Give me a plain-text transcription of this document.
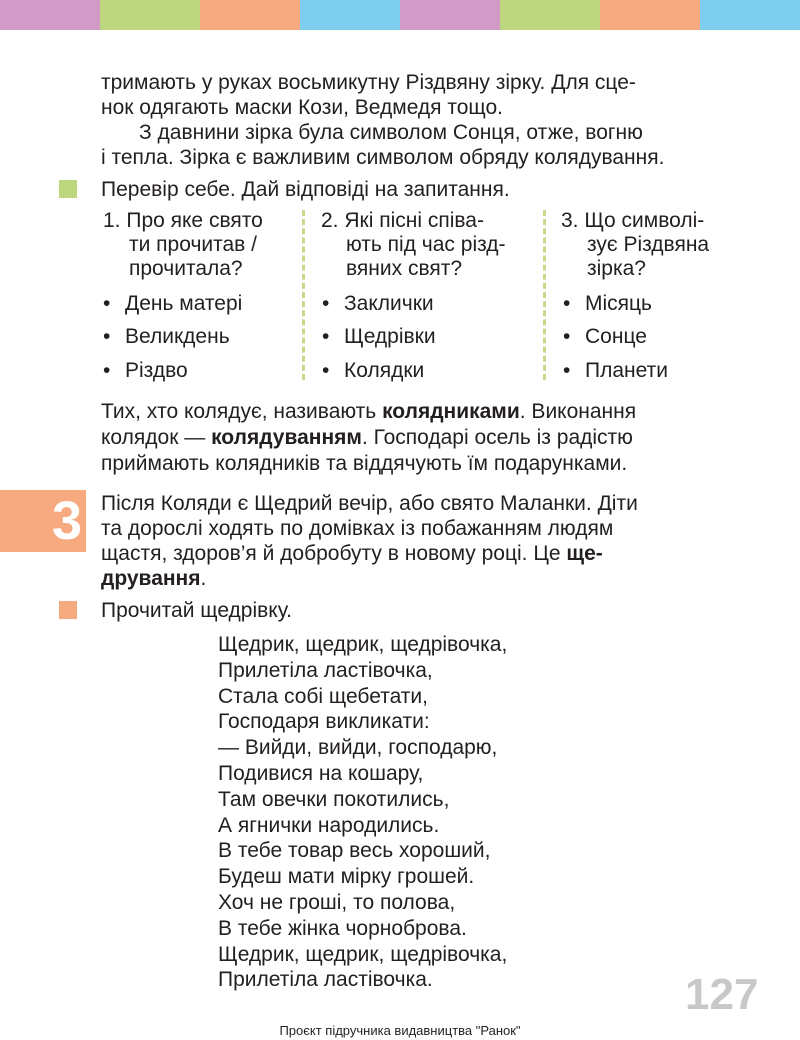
тримають у руках восьмикутну Різдвяну зірку. Для сце-
нок одягають маски Кози, Ведмедя тощо.
З давнини зірка була символом Сонця, отже, вогню
і тепла. Зірка є важливим символом обряду колядування.
Перевір себе. Дай відповіді на запитання.
1. Про яке свято
ти прочитав /
прочитала?
2. Які пісні співа-
ють під час різд-
вяних свят?
3. Що символі-
зує Різдвяна
зірка?
• День матері
• Великдень
• Різдво
• Заклички
• Щедрівки
• Колядки
• Місяць
• Сонце
• Планети
Тих, хто колядує, називають колядниками. Виконання
колядок — колядуванням. Господарі осель із радістю
приймають колядників та віддячують їм подарунками.
3 Після Коляди є Щедрий вечір, або свято Маланки. Діти
та дорослі ходять по домівках із побажанням людям
щастя, здоров’я й добробуту в новому році. Це ще-
дрування.
Прочитай щедрівку.
Щедрик, щедрик, щедрівочка,
Прилетіла ластівочка,
Стала собі щебетати,
Господаря викликати:
— Вийди, вийди, господарю,
Подивися на кошару,
Там овечки покотились,
А ягнички народились.
В тебе товар весь хороший,
Будеш мати мірку грошей.
Хоч не гроші, то полова,
В тебе жінка чорноброва.
Щедрик, щедрик, щедрівочка,
Прилетіла ластівочка.	127
Проєкт підручника видавництва "Ранок"
